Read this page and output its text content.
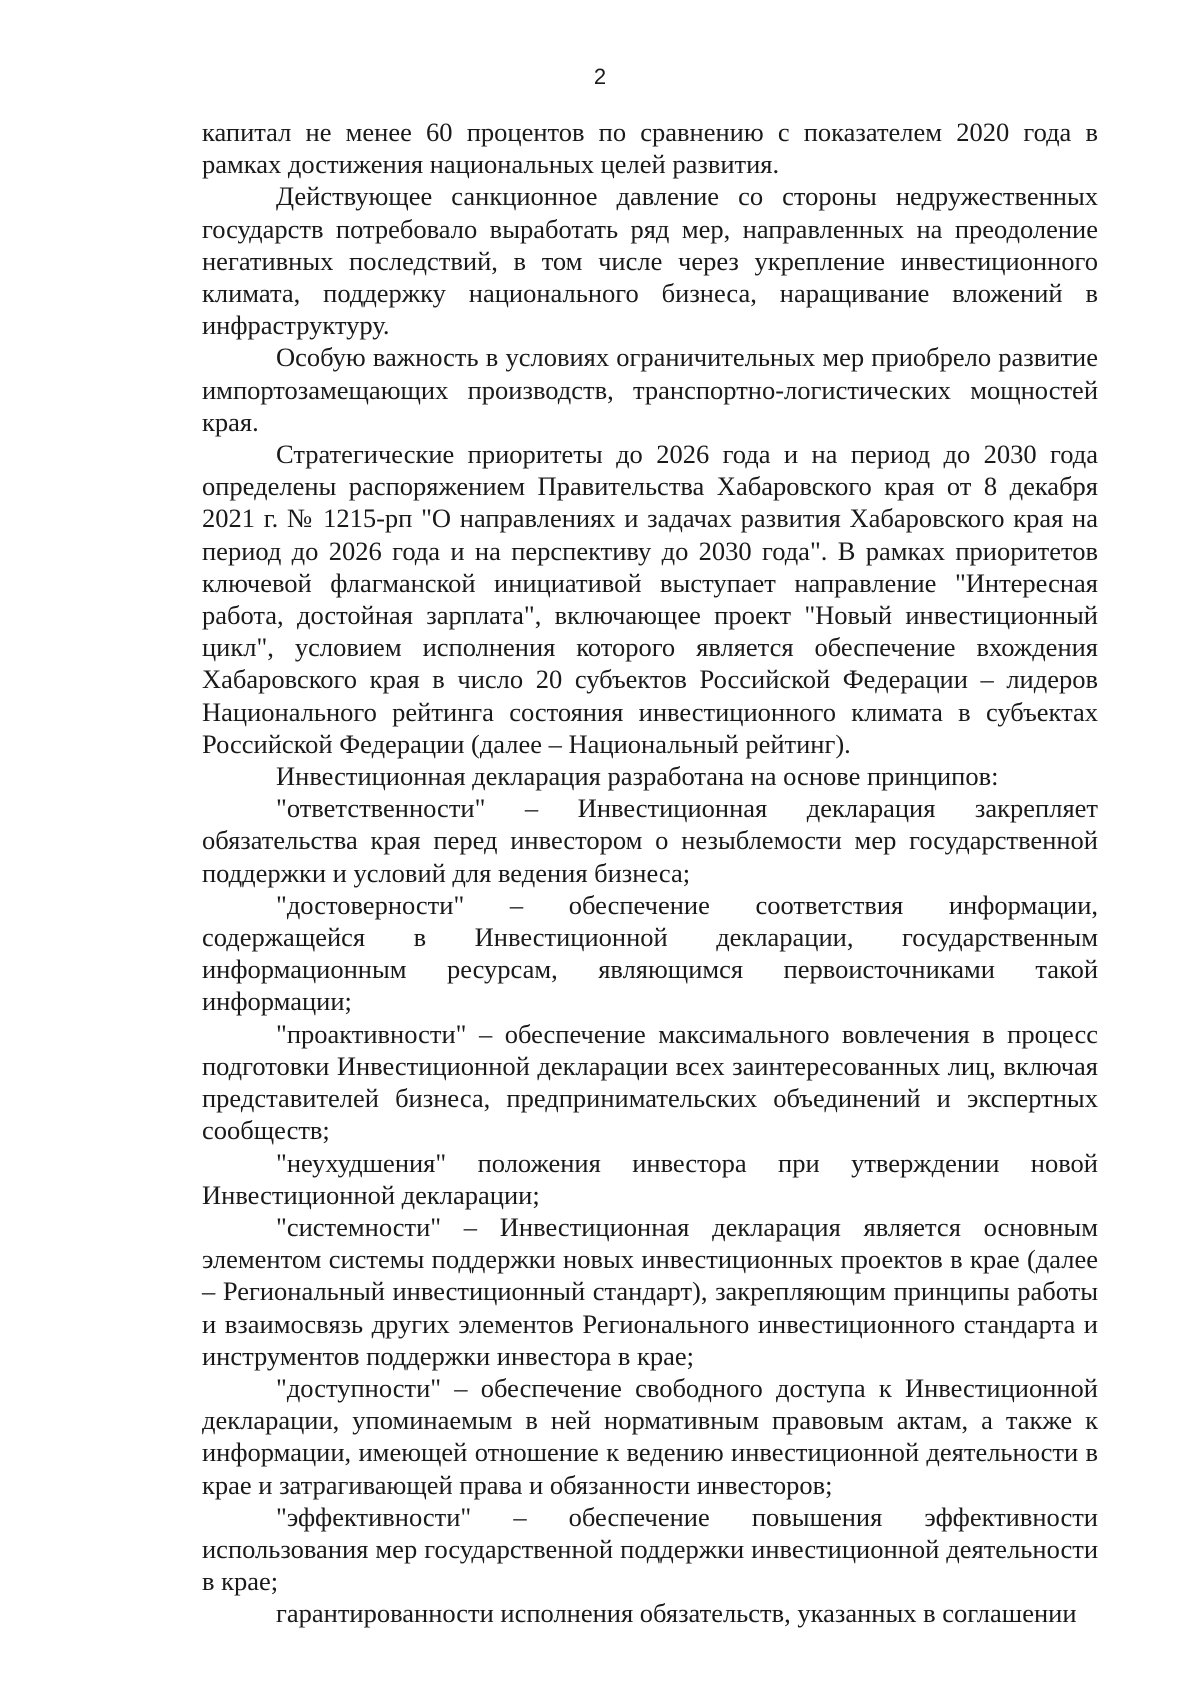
2

капитал не менее 60 процентов по сравнению с показателем 2020 года в рамках достижения национальных целей развития.

Действующее санкционное давление со стороны недружественных государств потребовало выработать ряд мер, направленных на преодоление негативных последствий, в том числе через укрепление инвестиционного климата, поддержку национального бизнеса, наращивание вложений в инфраструктуру.

Особую важность в условиях ограничительных мер приобрело развитие импортозамещающих производств, транспортно-логистических мощностей края.

Стратегические приоритеты до 2026 года и на период до 2030 года определены распоряжением Правительства Хабаровского края от 8 декабря 2021 г. № 1215-рп "О направлениях и задачах развития Хабаровского края на период до 2026 года и на перспективу до 2030 года". В рамках приоритетов ключевой флагманской инициативой выступает направление "Интересная работа, достойная зарплата", включающее проект "Новый инвестиционный цикл", условием исполнения которого является обеспечение вхождения Хабаровского края в число 20 субъектов Российской Федерации – лидеров Национального рейтинга состояния инвестиционного климата в субъектах Российской Федерации (далее – Национальный рейтинг).

Инвестиционная декларация разработана на основе принципов:

"ответственности" – Инвестиционная декларация закрепляет обязательства края перед инвестором о незыблемости мер государственной поддержки и условий для ведения бизнеса;

"достоверности" – обеспечение соответствия информации, содержащейся в Инвестиционной декларации, государственным информационным ресурсам, являющимся первоисточниками такой информации;

"проактивности" – обеспечение максимального вовлечения в процесс подготовки Инвестиционной декларации всех заинтересованных лиц, включая представителей бизнеса, предпринимательских объединений и экспертных сообществ;

"неухудшения" положения инвестора при утверждении новой Инвестиционной декларации;

"системности" – Инвестиционная декларация является основным элементом системы поддержки новых инвестиционных проектов в крае (далее – Региональный инвестиционный стандарт), закрепляющим принципы работы и взаимосвязь других элементов Регионального инвестиционного стандарта и инструментов поддержки инвестора в крае;

"доступности" – обеспечение свободного доступа к Инвестиционной декларации, упоминаемым в ней нормативным правовым актам, а также к информации, имеющей отношение к ведению инвестиционной деятельности в крае и затрагивающей права и обязанности инвесторов;

"эффективности" – обеспечение повышения эффективности использования мер государственной поддержки инвестиционной деятельности в крае;

гарантированности исполнения обязательств, указанных в соглашении
